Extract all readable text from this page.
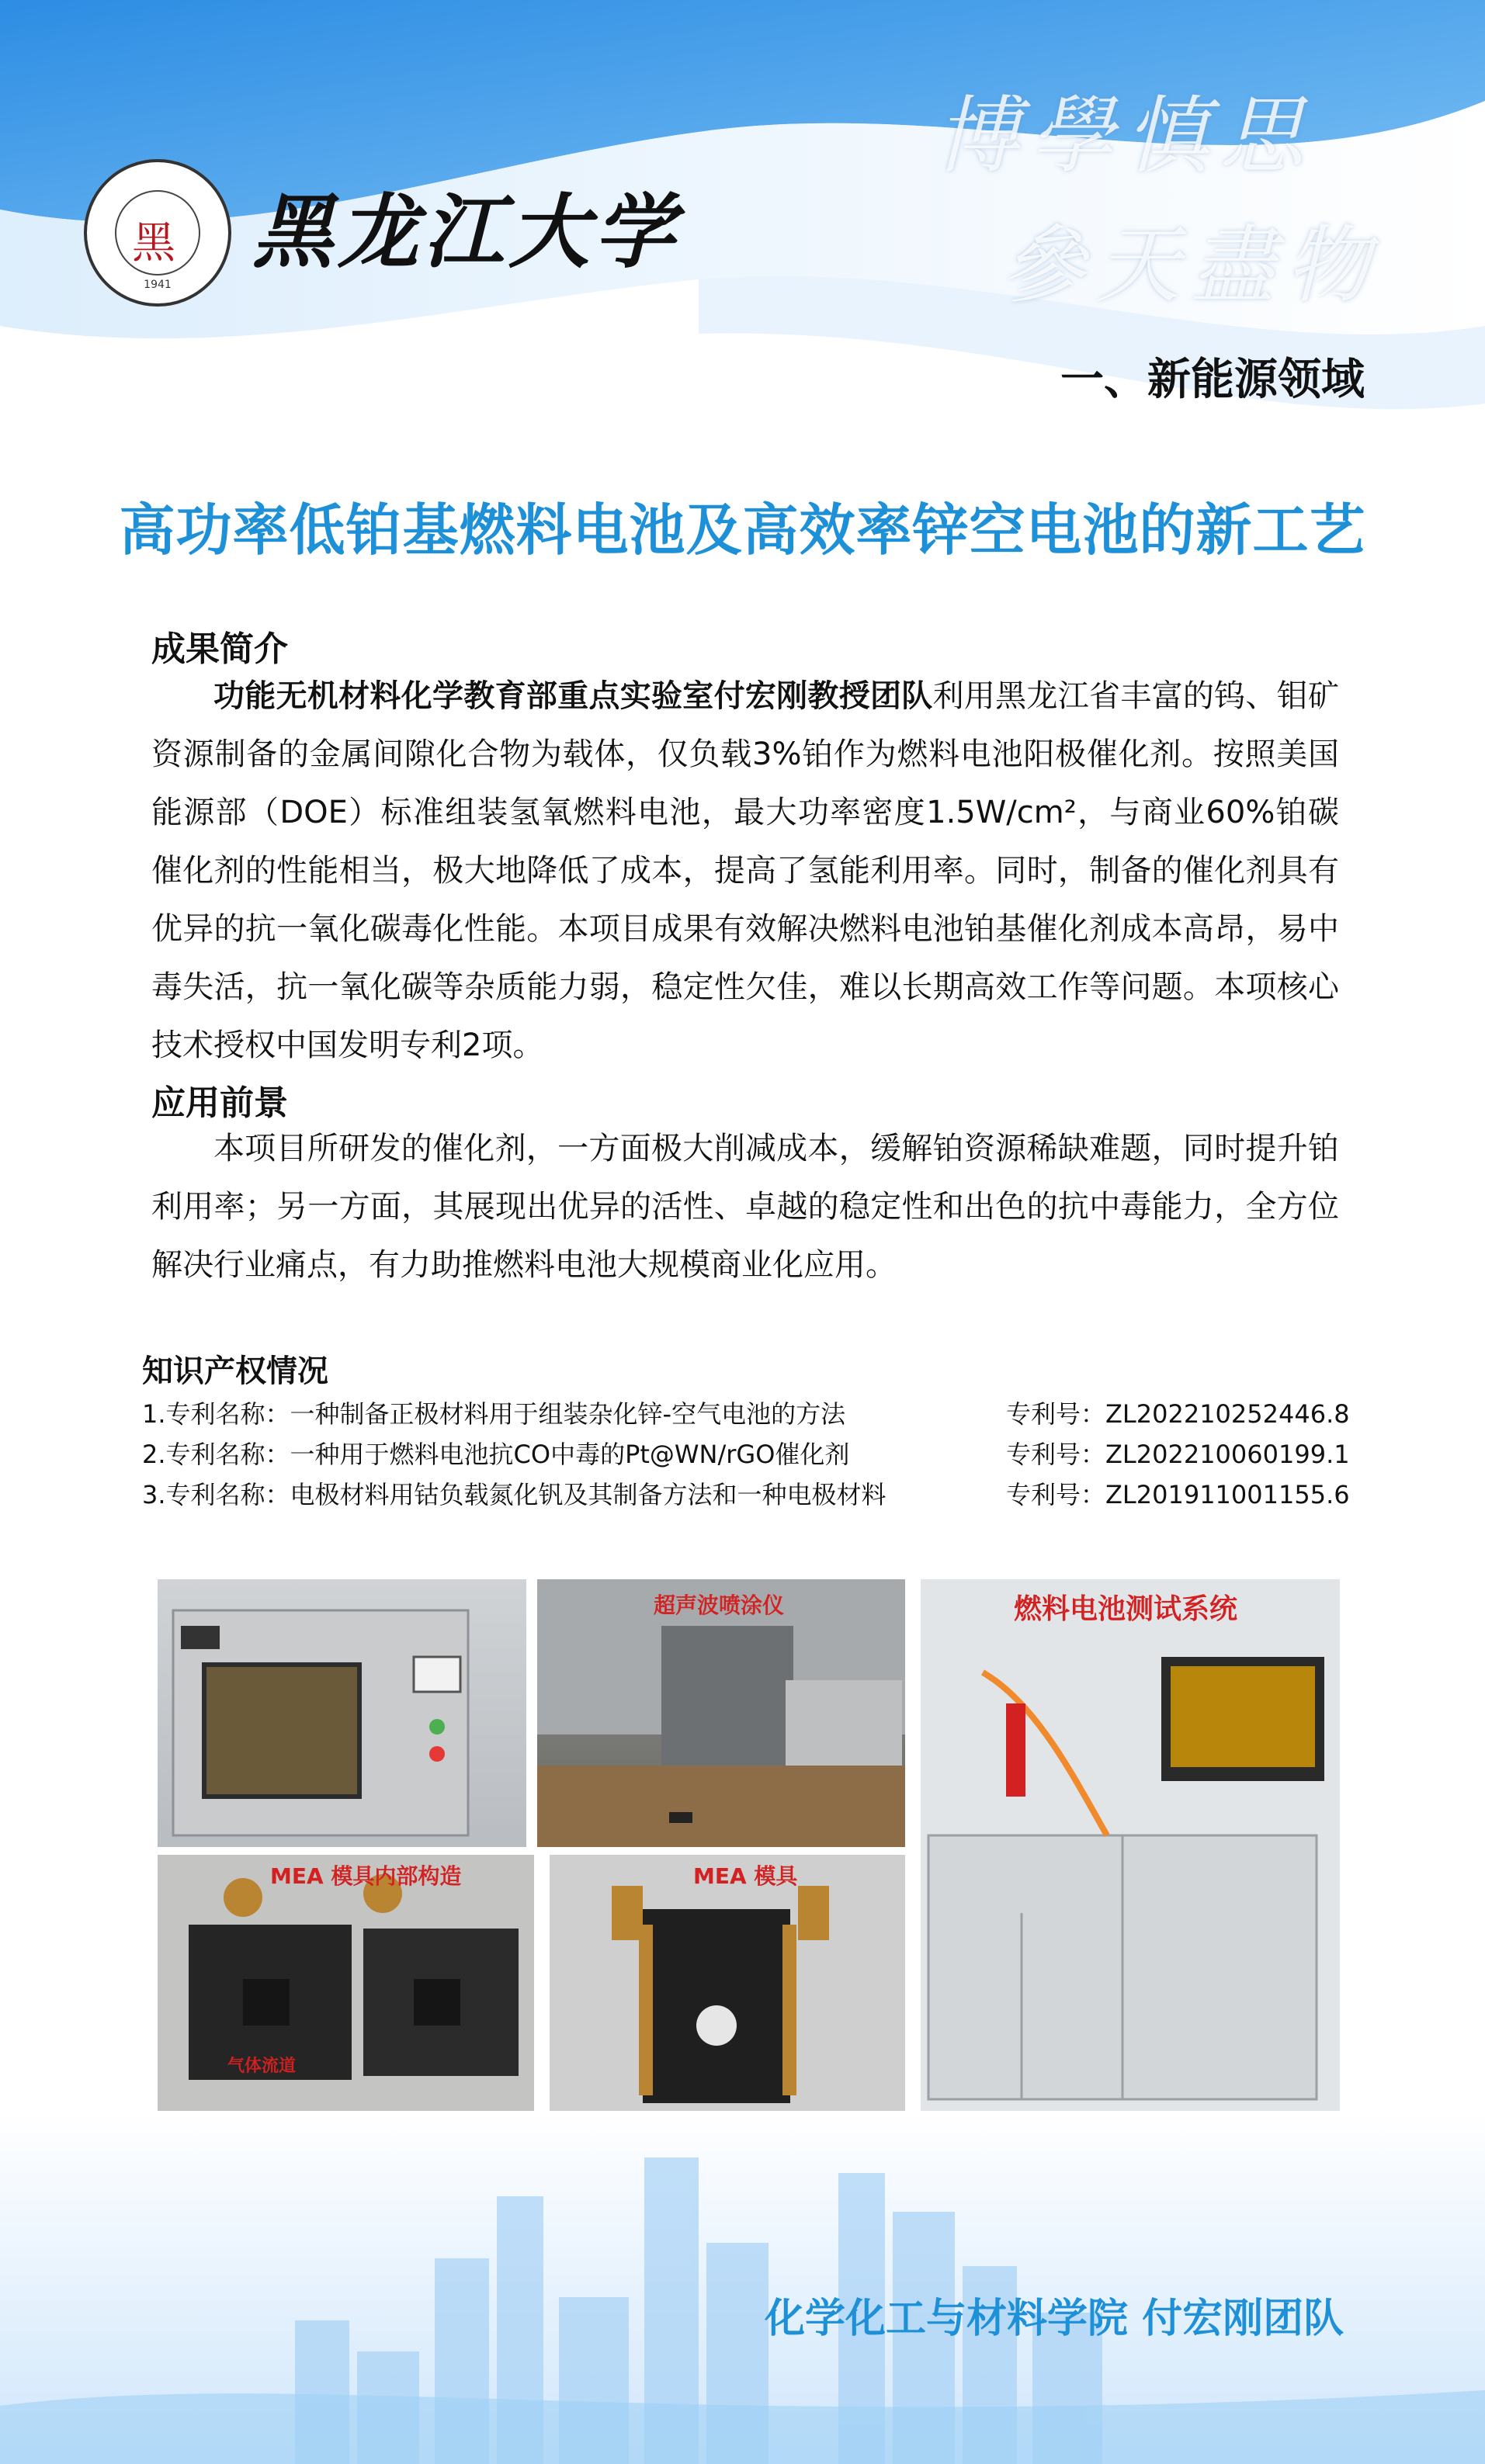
黑
1941
黑龙江大学
博學慎思
參天盡物
一、新能源领域
高功率低铂基燃料电池及高效率锌空电池的新工艺
成果简介

功能无机材料化学教育部重点实验室付宏刚教授团队利用黑龙江省丰富的钨、钼矿资源制备的金属间隙化合物为载体，仅负载3%铂作为燃料电池阳极催化剂。按照美国能源部（DOE）标准组装氢氧燃料电池，最大功率密度1.5W/cm²，与商业60%铂碳催化剂的性能相当，极大地降低了成本，提高了氢能利用率。同时，制备的催化剂具有优异的抗一氧化碳毒化性能。本项目成果有效解决燃料电池铂基催化剂成本高昂，易中毒失活，抗一氧化碳等杂质能力弱，稳定性欠佳，难以长期高效工作等问题。本项核心技术授权中国发明专利2项。

应用前景

本项目所研发的催化剂，一方面极大削减成本，缓解铂资源稀缺难题，同时提升铂利用率；另一方面，其展现出优异的活性、卓越的稳定性和出色的抗中毒能力，全方位解决行业痛点，有力助推燃料电池大规模商业化应用。

知识产权情况
1.专利名称：一种制备正极材料用于组装杂化锌-空气电池的方法	专利号：ZL202210252446.8
2.专利名称：一种用于燃料电池抗CO中毒的Pt@WN/rGO催化剂	专利号：ZL202210060199.1
3.专利名称：电极材料用钴负载氮化钒及其制备方法和一种电极材料	专利号：ZL201911001155.6
超声波喷涂仪	燃料电池测试系统
MEA 模具内部构造
气体流道
MEA 模具
化学化工与材料学院 付宏刚团队
